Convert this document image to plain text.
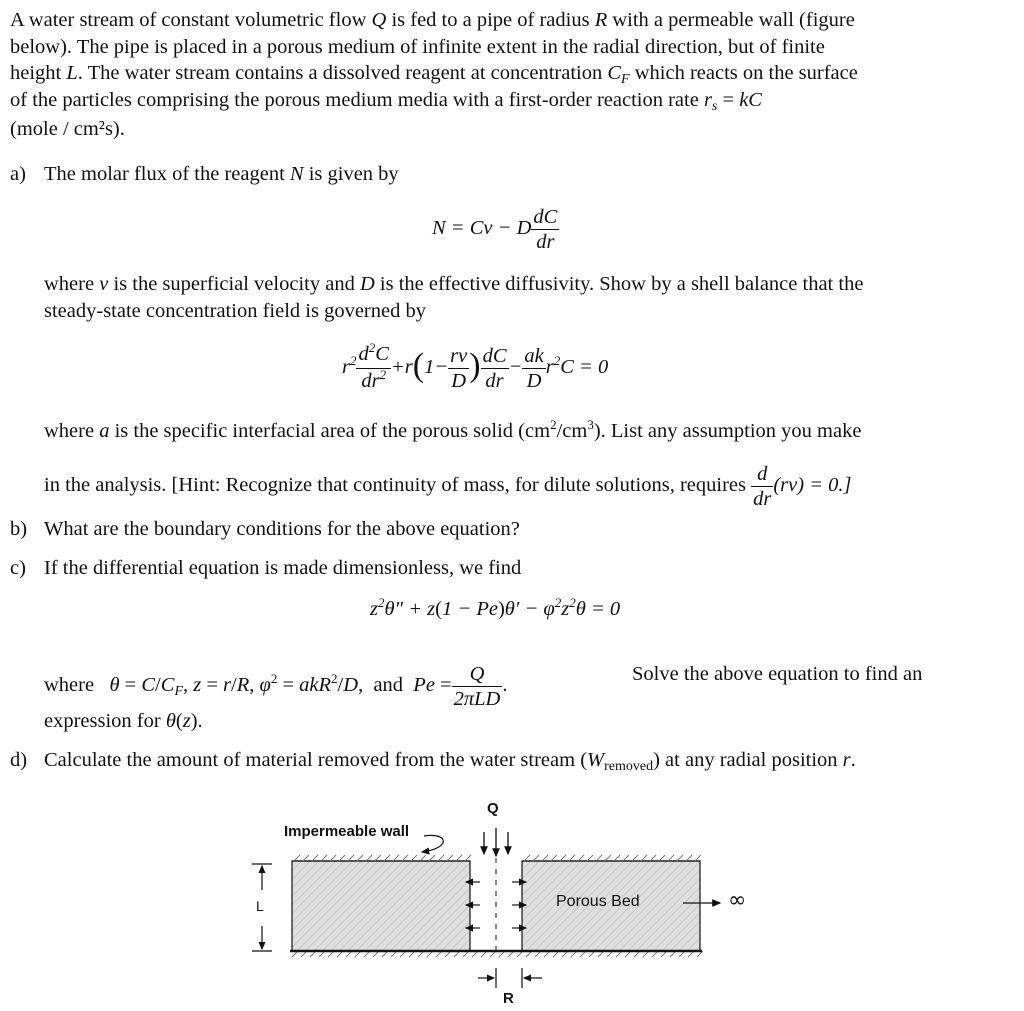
A water stream of constant volumetric flow Q is fed to a pipe of radius R with a permeable wall (figure
below). The pipe is placed in a porous medium of infinite extent in the radial direction, but of finite
height L. The water stream contains a dissolved reagent at concentration CF which reacts on the surface
of the particles comprising the porous medium media with a first-order reaction rate rs = kC
(mole / cm²s).
a) The molar flux of the reagent N is given by
N = Cv − D $\frac{dC}{dr}$
where v is the superficial velocity and D is the effective diffusivity. Show by a shell balance that the
steady-state concentration field is governed by
$r^2 \frac{d^2C}{dr^2} +r(1- \frac{rv}{D}$ ) $\frac{dC}{dr} - \frac{ak}{D} r^2C = 0$
where a is the specific interfacial area of the porous solid $(cm^2/cm^3)$. List any assumption you make
in the analysis. [Hint: Recognize that continuity of mass, for dilute solutions, requires $\frac{d}{dr} (rv) = 0$.]
b) What are the boundary conditions for the above equation?
c) If the differential equation is made dimensionless, we find
$z^2\theta'' + z(1 - Pe)\theta' - \varphi^2z^2\theta = 0$
where   θ = C/CF, z = r/R, $\varphi^2 = akR^2/D$,  and  $Pe = \frac{Q}{\text{2πLD}}$ .
Solve the above equation to find an
expression for θ(z).
d) Calculate the amount of material removed from the water stream (Wremoved) at any radial position r.
Q
Impermeable wall
Porous Bed
L
R
∞
